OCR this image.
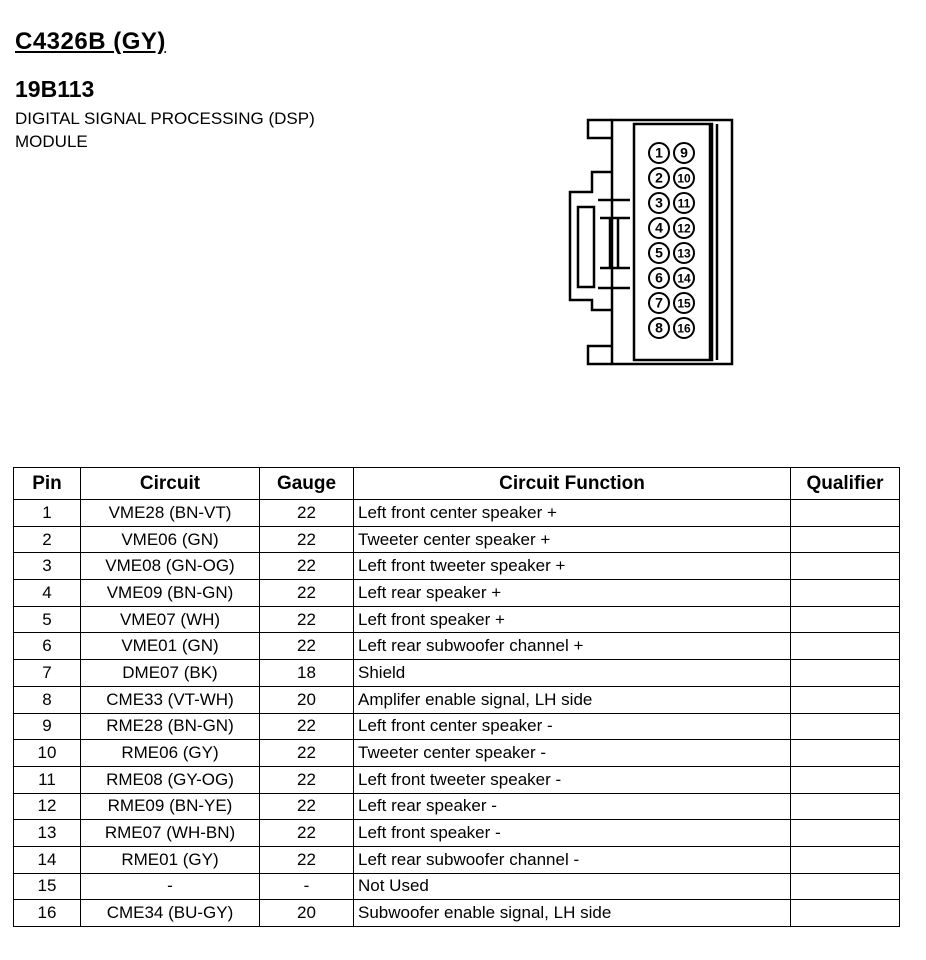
C4326B (GY)
19B113
DIGITAL SIGNAL PROCESSING (DSP)
MODULE
1
2
3
4
5
6
7
8
9
10
11
12
13
14
15
16
Pin	Circuit	Gauge	Circuit Function	Qualifier
1	VME28 (BN-VT)	22	Left front center speaker +	
2	VME06 (GN)	22	Tweeter center speaker +	
3	VME08 (GN-OG)	22	Left front tweeter speaker +	
4	VME09 (BN-GN)	22	Left rear speaker +	
5	VME07 (WH)	22	Left front speaker +	
6	VME01 (GN)	22	Left rear subwoofer channel +	
7	DME07 (BK)	18	Shield	
8	CME33 (VT-WH)	20	Amplifer enable signal, LH side	
9	RME28 (BN-GN)	22	Left front center speaker -	
10	RME06 (GY)	22	Tweeter center speaker -	
11	RME08 (GY-OG)	22	Left front tweeter speaker -	
12	RME09 (BN-YE)	22	Left rear speaker -	
13	RME07 (WH-BN)	22	Left front speaker -	
14	RME01 (GY)	22	Left rear subwoofer channel -	
15	-	-	Not Used	
16	CME34 (BU-GY)	20	Subwoofer enable signal, LH side	
